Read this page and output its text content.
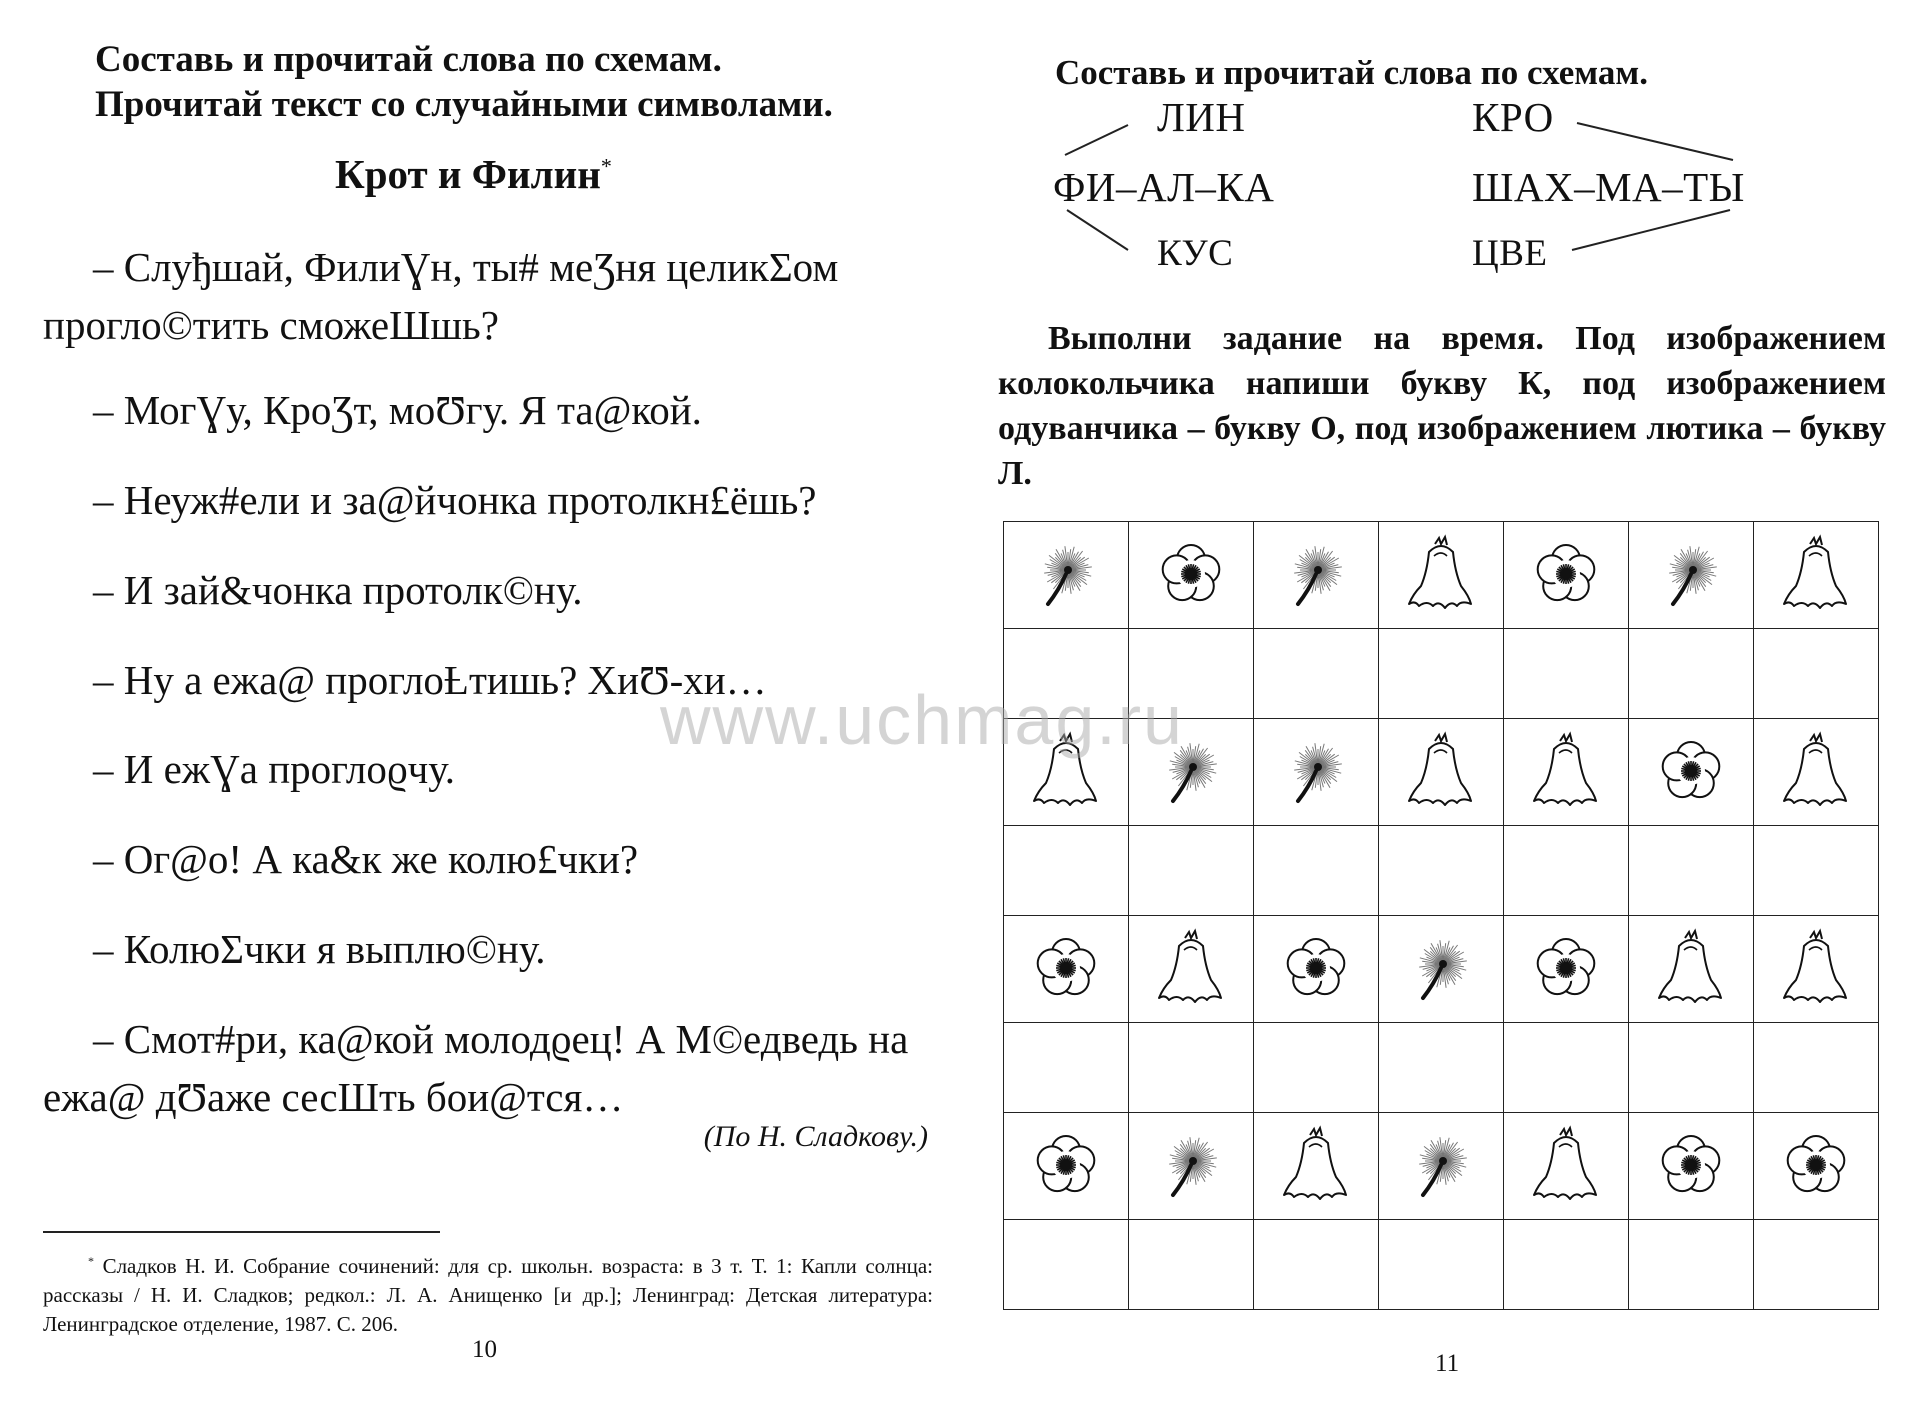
Составь и прочитай слова по схемам.

Прочитай текст со случайными символами.

Крот и Филин*

– Слуђшай, ФилиƔн, ты# меƷня целикΣом прогло©тить сможеШшь?

– МогƔу, КроƷт, моƱгу. Я та@кой.

– Неуж#ели и за@йчонка протолкн£ёшь?

– И зай&чонка протолк©ну.

– Ну а ежа@ проглоȽтишь? ХиƱ-хи…

– И ежƔа проглоϱчу.

– Ог@о! А ка&к же колю£чки?

– КолюΣчки я выплю©ну.

– Смот#ри, ка@кой молодϱец! А М©едведь на ежа@ дƱаже сесШть бои@тся…

(По Н. Сладкову.)

* Сладков Н. И. Собрание сочинений: для ср. школьн. возраста: в 3 т. Т. 1: Капли солнца: рассказы / Н. И. Сладков; редкол.: Л. А. Анищенко [и др.]; Ленинград: Детская литература: Ленинградское отделение, 1987. С. 206.

10

Составь и прочитай слова по схемам.

ЛИН

ФИ–АЛ–КА

КУС

КРО

ШАХ–МА–ТЫ

ЦВЕ

Выполни задание на время. Под изображением колокольчика напиши букву К, под изображением одуванчика – букву О, под изображением лютика – букву Л.

11
www.uchmag.ru
